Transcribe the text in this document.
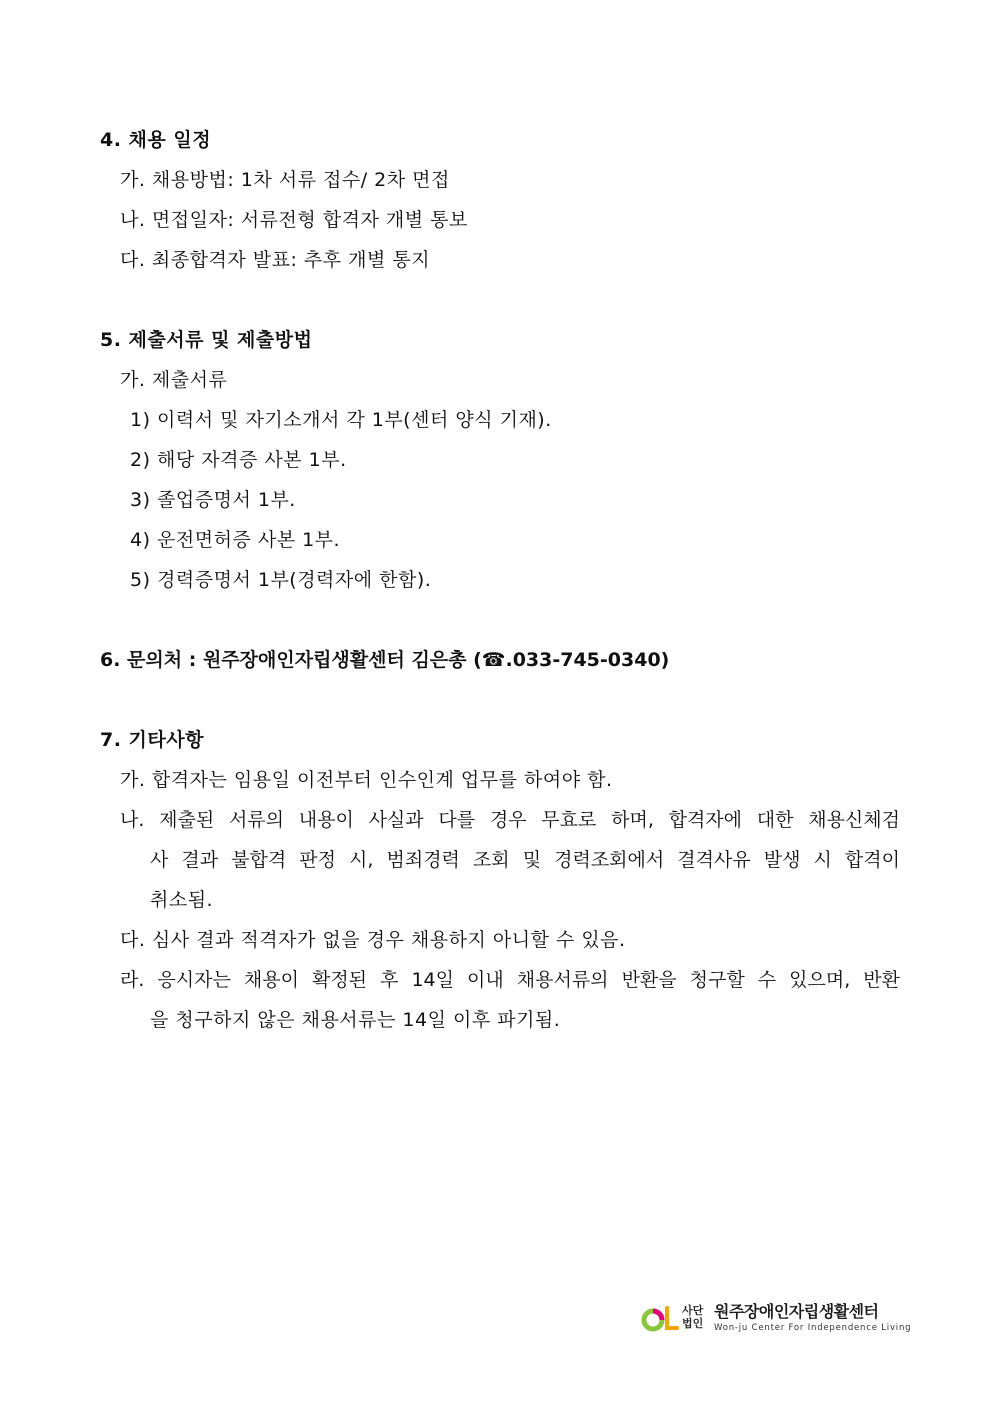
4. 채용 일정
가. 채용방법: 1차 서류 접수/ 2차 면접
나. 면접일자: 서류전형 합격자 개별 통보
다. 최종합격자 발표: 추후 개별 통지
5. 제출서류 및 제출방법
가. 제출서류
1) 이력서 및 자기소개서 각 1부(센터 양식 기재).
2) 해당 자격증 사본 1부.
3) 졸업증명서 1부.
4) 운전면허증 사본 1부.
5) 경력증명서 1부(경력자에 한함).
6. 문의처 : 원주장애인자립생활센터 김은총 (☎.033-745-0340)
7. 기타사항
가. 합격자는 임용일 이전부터 인수인계 업무를 하여야 함.
나. 제출된 서류의 내용이 사실과 다를 경우 무효로 하며, 합격자에 대한 채용신체검
사 결과 불합격 판정 시, 범죄경력 조회 및 경력조회에서 결격사유 발생 시 합격이
취소됨.
다. 심사 결과 적격자가 없을 경우 채용하지 아니할 수 있음.
라. 응시자는 채용이 확정된 후 14일 이내 채용서류의 반환을 청구할 수 있으며, 반환
을 청구하지 않은 채용서류는 14일 이후 파기됨.
사단
법인
원주장애인자립생활센터
Won-ju Center For Independence Living
